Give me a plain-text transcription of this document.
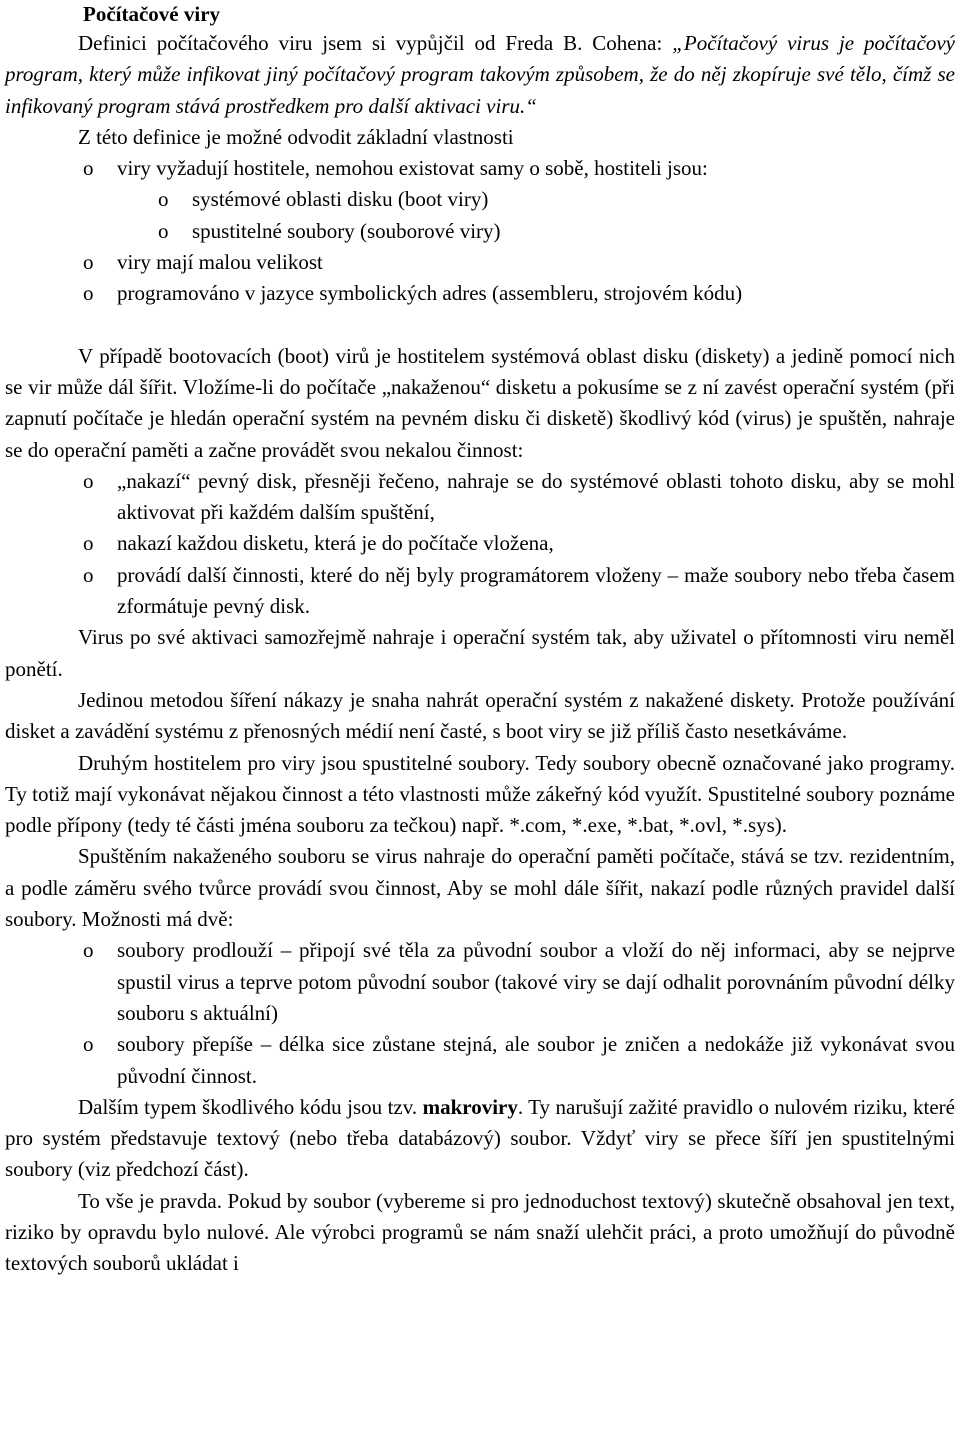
Počítačové viry

Definici počítačového viru jsem si vypůjčil od Freda B. Cohena: „Počítačový virus je počítačový program, který může infikovat jiný počítačový program takovým způsobem, že do něj zkopíruje své tělo, čímž se infikovaný program stává prostředkem pro další aktivaci viru.“

Z této definice je možné odvodit základní vlastnosti

o viry vyžadují hostitele, nemohou existovat samy o sobě, hostiteli jsou:
o systémové oblasti disku (boot viry)
o spustitelné soubory (souborové viry)
o viry mají malou velikost
o programováno v jazyce symbolických adres (assembleru, strojovém kódu)

V případě bootovacích (boot) virů je hostitelem systémová oblast disku (diskety) a jedině pomocí nich se vir může dál šířit. Vložíme-li do počítače „nakaženou“ disketu a pokusíme se z ní zavést operační systém (při zapnutí počítače je hledán operační systém na pevném disku či disketě) škodlivý kód (virus) je spuštěn, nahraje se do operační paměti a začne provádět svou nekalou činnost:

o „nakazí“ pevný disk, přesněji řečeno, nahraje se do systémové oblasti tohoto disku, aby se mohl aktivovat při každém dalším spuštění,
o nakazí každou disketu, která je do počítače vložena,
o provádí další činnosti, které do něj byly programátorem vloženy – maže soubory nebo třeba časem zformátuje pevný disk.

Virus po své aktivaci samozřejmě nahraje i operační systém tak, aby uživatel o přítomnosti viru neměl ponětí.

Jedinou metodou šíření nákazy je snaha nahrát operační systém z nakažené diskety. Protože používání disket a zavádění systému z přenosných médií není časté, s boot viry se již příliš často nesetkáváme.

Druhým hostitelem pro viry jsou spustitelné soubory. Tedy soubory obecně označované jako programy. Ty totiž mají vykonávat nějakou činnost a této vlastnosti může zákeřný kód využít. Spustitelné soubory poznáme podle přípony (tedy té části jména souboru za tečkou) např. *.com, *.exe, *.bat, *.ovl, *.sys).

Spuštěním nakaženého souboru se virus nahraje do operační paměti počítače, stává se tzv. rezidentním, a podle záměru svého tvůrce provádí svou činnost, Aby se mohl dále šířit, nakazí podle různých pravidel další soubory. Možnosti má dvě:

o soubory prodlouží – připojí své těla za původní soubor a vloží do něj informaci, aby se nejprve spustil virus a teprve potom původní soubor (takové viry se dají odhalit porovnáním původní délky souboru s aktuální)
o soubory přepíše – délka sice zůstane stejná, ale soubor je zničen a nedokáže již vykonávat svou původní činnost.

Dalším typem škodlivého kódu jsou tzv. makroviry. Ty narušují zažité pravidlo o nulovém riziku, které pro systém představuje textový (nebo třeba databázový) soubor. Vždyť viry se přece šíří jen spustitelnými soubory (viz předchozí část).

To vše je pravda. Pokud by soubor (vybereme si pro jednoduchost textový) skutečně obsahoval jen text, riziko by opravdu bylo nulové. Ale výrobci programů se nám snaží ulehčit práci, a proto umožňují do původně textových souborů ukládat i
